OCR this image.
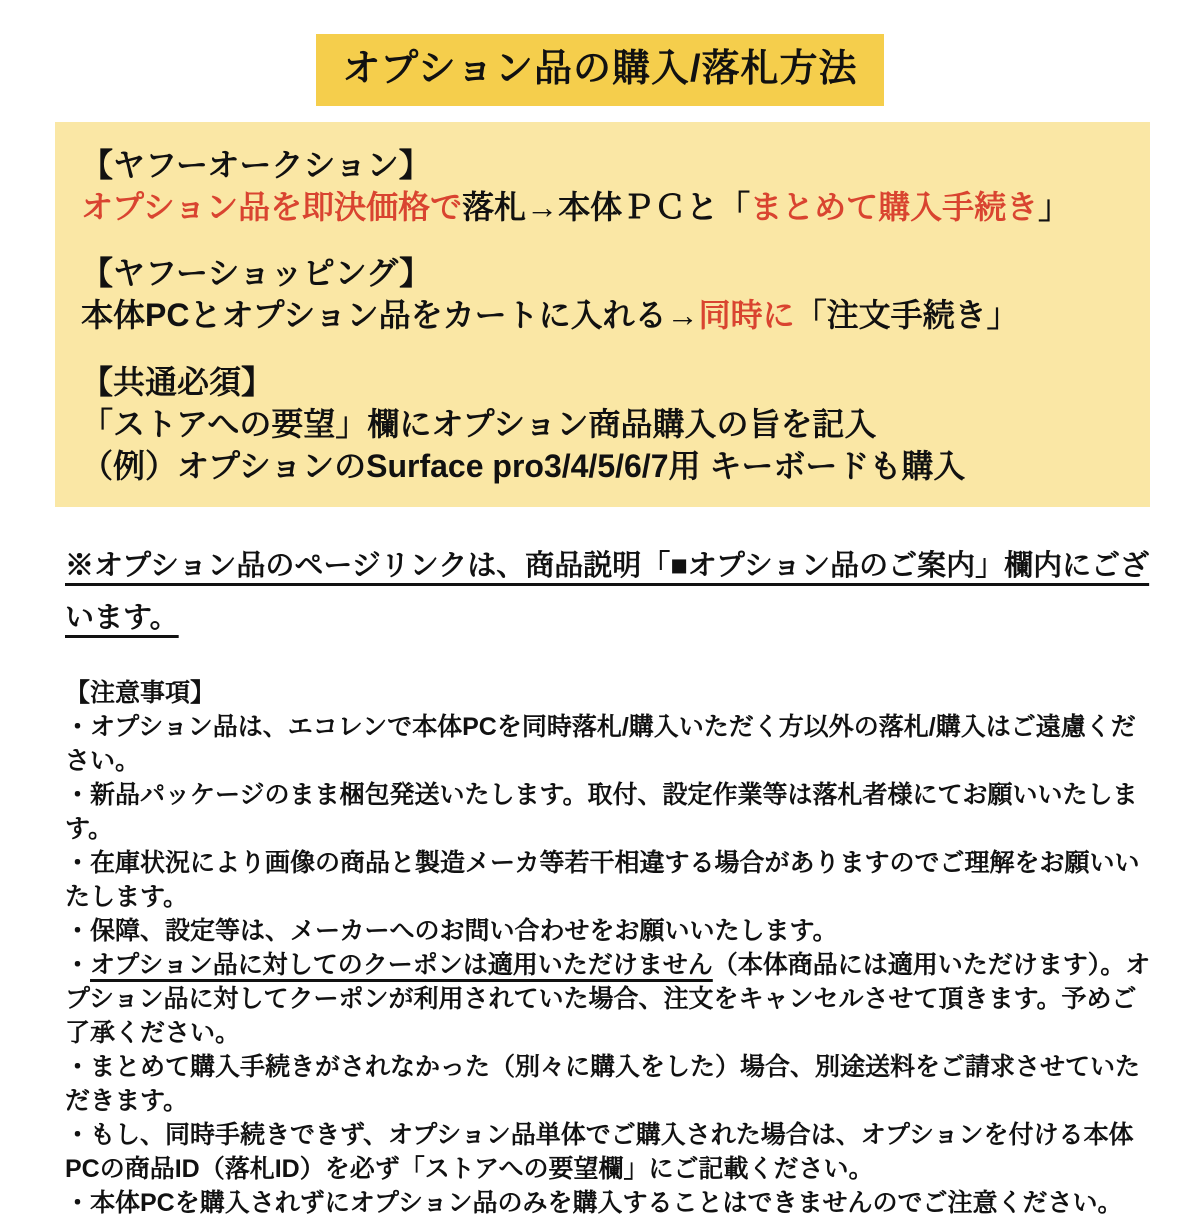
オプション品の購入/落札方法

【ヤフーオークション】

オプション品を即決価格で落札→本体ＰＣと「まとめて購入手続き」

【ヤフーショッピング】

本体PCとオプション品をカートに入れる→同時に「注文手続き」

【共通必須】

「ストアへの要望」欄にオプション商品購入の旨を記入

（例）オプションのSurface pro3/4/5/6/7用 キーボードも購入

※オプション品のページリンクは、商品説明「■オプション品のご案内」欄内にございます。

【注意事項】

・オプション品は、エコレンで本体PCを同時落札/購入いただく方以外の落札/購入はご遠慮ください。

・新品パッケージのまま梱包発送いたします。取付、設定作業等は落札者様にてお願いいたします。

・在庫状況により画像の商品と製造メーカ等若干相違する場合がありますのでご理解をお願いいたします。

・保障、設定等は、メーカーへのお問い合わせをお願いいたします。

・オプション品に対してのクーポンは適用いただけません（本体商品には適用いただけます）。オプション品に対してクーポンが利用されていた場合、注文をキャンセルさせて頂きます。予めご了承ください。

・まとめて購入手続きがされなかった（別々に購入をした）場合、別途送料をご請求させていただきます。

・もし、同時手続きできず、オプション品単体でご購入された場合は、オプションを付ける本体PCの商品ID（落札ID）を必ず「ストアへの要望欄」にご記載ください。

・本体PCを購入されずにオプション品のみを購入することはできませんのでご注意ください。
